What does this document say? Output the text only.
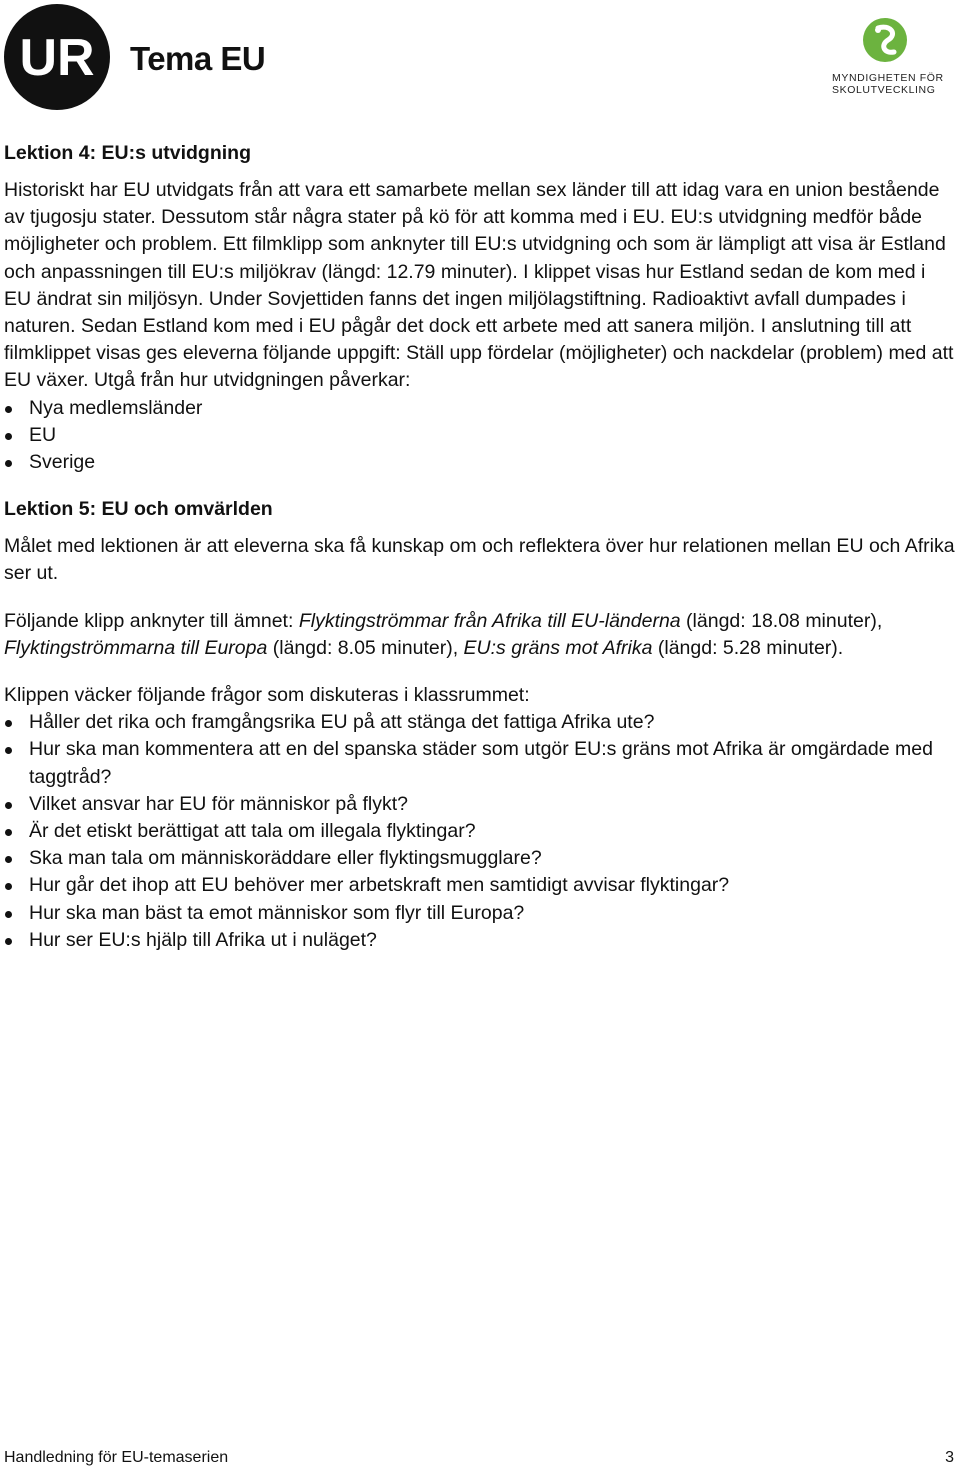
UR Tema EU
MYNDIGHETEN FÖR
SKOLUTVECKLING
Lektion 4: EU:s utvidgning

Historiskt har EU utvidgats från att vara ett samarbete mellan sex länder till att idag vara en union bestående av tjugosju stater. Dessutom står några stater på kö för att komma med i EU. EU:s utvidgning medför både möjligheter och problem. Ett filmklipp som anknyter till EU:s utvidgning och som är lämpligt att visa är Estland och anpassningen till EU:s miljökrav (längd: 12.79 minuter). I klippet visas hur Estland sedan de kom med i EU ändrat sin miljösyn. Under Sovjettiden fanns det ingen miljölagstiftning. Radioaktivt avfall dumpades i naturen. Sedan Estland kom med i EU pågår det dock ett arbete med att sanera miljön. I anslutning till att filmklippet visas ges eleverna följande uppgift: Ställ upp fördelar (möjligheter) och nackdelar (problem) med att EU växer. Utgå från hur utvidgningen påverkar:

Nya medlemsländer
EU
Sverige
Lektion 5: EU och omvärlden

Målet med lektionen är att eleverna ska få kunskap om och reflektera över hur relationen mellan EU och Afrika ser ut.

Följande klipp anknyter till ämnet: Flyktingströmmar från Afrika till EU-länderna (längd: 18.08 minuter), Flyktingströmmarna till Europa (längd: 8.05 minuter), EU:s gräns mot Afrika (längd: 5.28 minuter).

Klippen väcker följande frågor som diskuteras i klassrummet:

Håller det rika och framgångsrika EU på att stänga det fattiga Afrika ute?
Hur ska man kommentera att en del spanska städer som utgör EU:s gräns mot Afrika är omgärdade med taggtråd?
Vilket ansvar har EU för människor på flykt?
Är det etiskt berättigat att tala om illegala flyktingar?
Ska man tala om människoräddare eller flyktingsmugglare?
Hur går det ihop att EU behöver mer arbetskraft men samtidigt avvisar flyktingar?
Hur ska man bäst ta emot människor som flyr till Europa?
Hur ser EU:s hjälp till Afrika ut i nuläget?
Handledning för EU-temaserien	3
